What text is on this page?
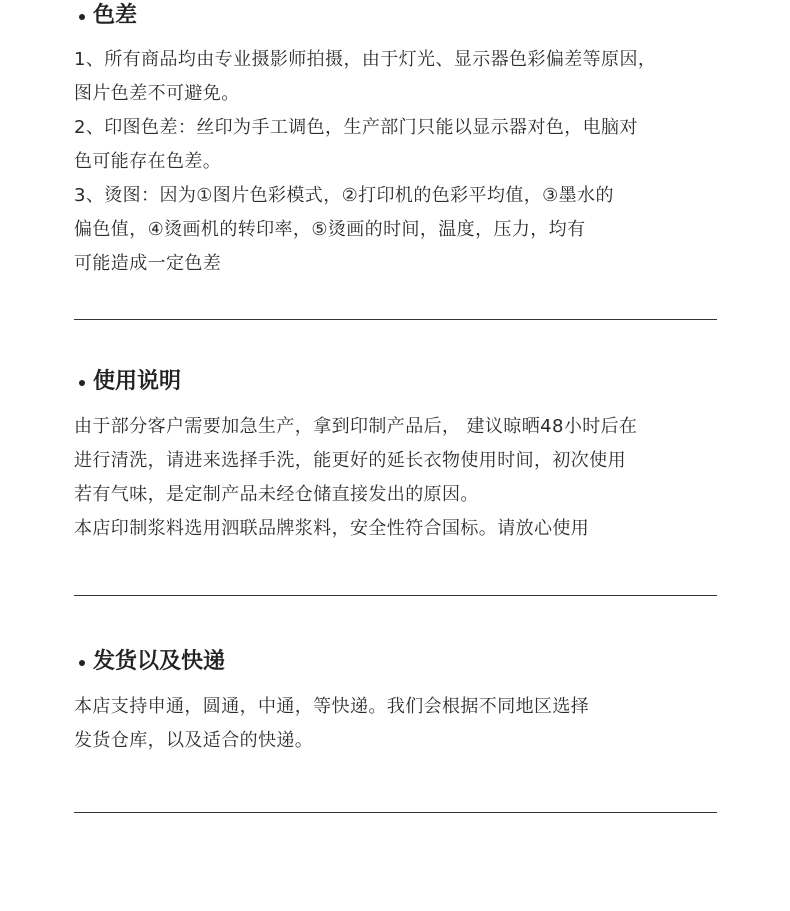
色差
1、所有商品均由专业摄影师拍摄，由于灯光、显示器色彩偏差等原因，
图片色差不可避免。
2、印图色差：丝印为手工调色，生产部门只能以显示器对色，电脑对
色可能存在色差。
3、烫图：因为①图片色彩模式，②打印机的色彩平均值，③墨水的
偏色值，④烫画机的转印率，⑤烫画的时间，温度，压力，均有
可能造成一定色差
使用说明
由于部分客户需要加急生产，拿到印制产品后， 建议晾晒48小时后在
进行清洗，请进来选择手洗，能更好的延长衣物使用时间，初次使用
若有气味，是定制产品未经仓储直接发出的原因。
本店印制浆料选用泗联品牌浆料，安全性符合国标。请放心使用
发货以及快递
本店支持申通，圆通，中通，等快递。我们会根据不同地区选择
发货仓库，以及适合的快递。
